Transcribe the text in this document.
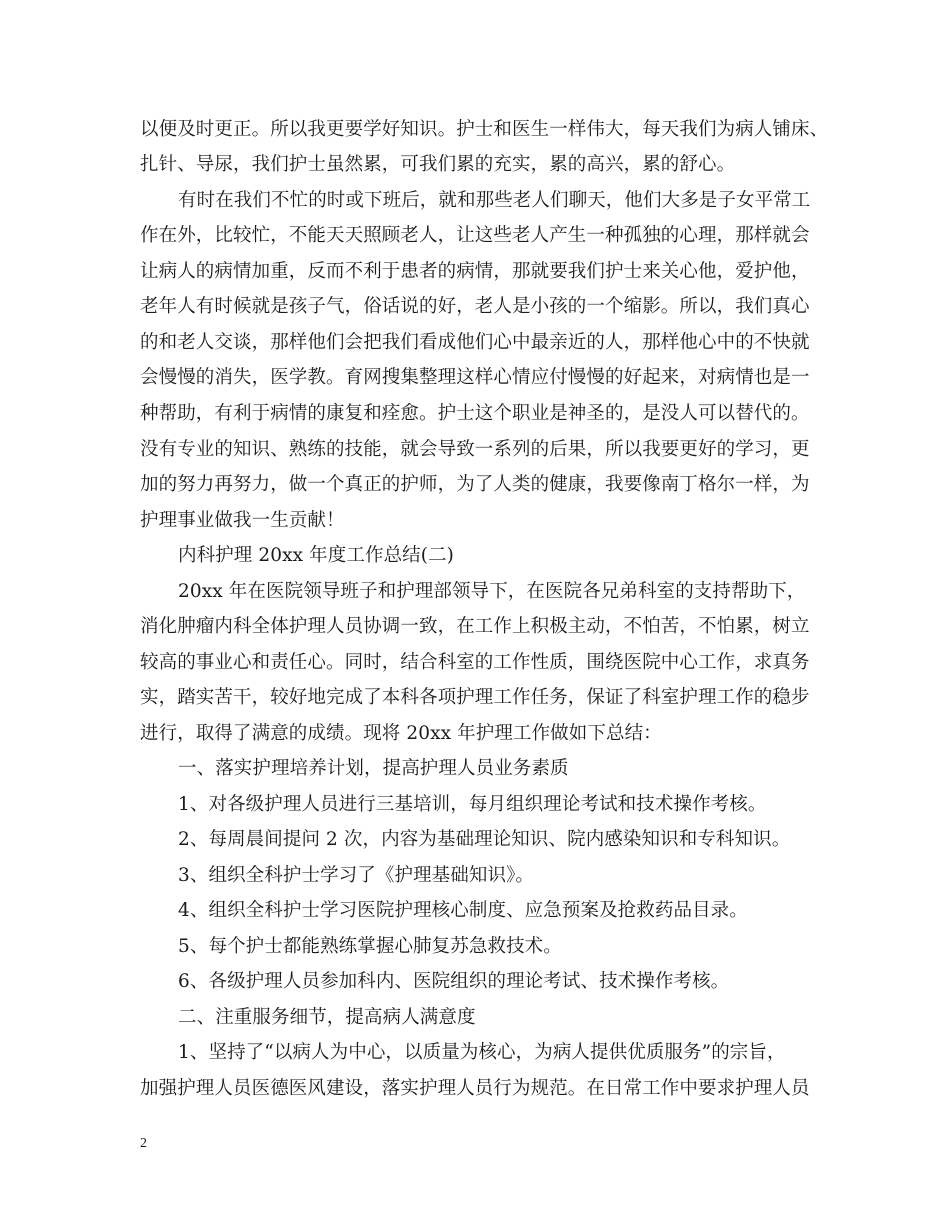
以便及时更正。所以我更要学好知识。护士和医生一样伟大，每天我们为病人铺床、
扎针、导尿，我们护士虽然累，可我们累的充实，累的高兴，累的舒心。
有时在我们不忙的时或下班后，就和那些老人们聊天，他们大多是子女平常工
作在外，比较忙，不能天天照顾老人，让这些老人产生一种孤独的心理，那样就会
让病人的病情加重，反而不利于患者的病情，那就要我们护士来关心他，爱护他，
老年人有时候就是孩子气，俗话说的好，老人是小孩的一个缩影。所以，我们真心
的和老人交谈，那样他们会把我们看成他们心中最亲近的人，那样他心中的不快就
会慢慢的消失，医学教。育网搜集整理这样心情应付慢慢的好起来，对病情也是一
种帮助，有利于病情的康复和痊愈。护士这个职业是神圣的，是没人可以替代的。
没有专业的知识、熟练的技能，就会导致一系列的后果，所以我要更好的学习，更
加的努力再努力，做一个真正的护师，为了人类的健康，我要像南丁格尔一样，为
护理事业做我一生贡献！
内科护理 20xx 年度工作总结(二)
20xx 年在医院领导班子和护理部领导下，在医院各兄弟科室的支持帮助下，
消化肿瘤内科全体护理人员协调一致，在工作上积极主动，不怕苦，不怕累，树立
较高的事业心和责任心。同时，结合科室的工作性质，围绕医院中心工作，求真务
实，踏实苦干，较好地完成了本科各项护理工作任务，保证了科室护理工作的稳步
进行，取得了满意的成绩。现将 20xx 年护理工作做如下总结：
一、落实护理培养计划，提高护理人员业务素质
1、对各级护理人员进行三基培训，每月组织理论考试和技术操作考核。
2、每周晨间提问 2 次，内容为基础理论知识、院内感染知识和专科知识。
3、组织全科护士学习了《护理基础知识》。
4、组织全科护士学习医院护理核心制度、应急预案及抢救药品目录。
5、每个护士都能熟练掌握心肺复苏急救技术。
6、各级护理人员参加科内、医院组织的理论考试、技术操作考核。
二、注重服务细节，提高病人满意度
1、坚持了“以病人为中心，以质量为核心，为病人提供优质服务”的宗旨，
加强护理人员医德医风建设，落实护理人员行为规范。在日常工作中要求护理人员
2
